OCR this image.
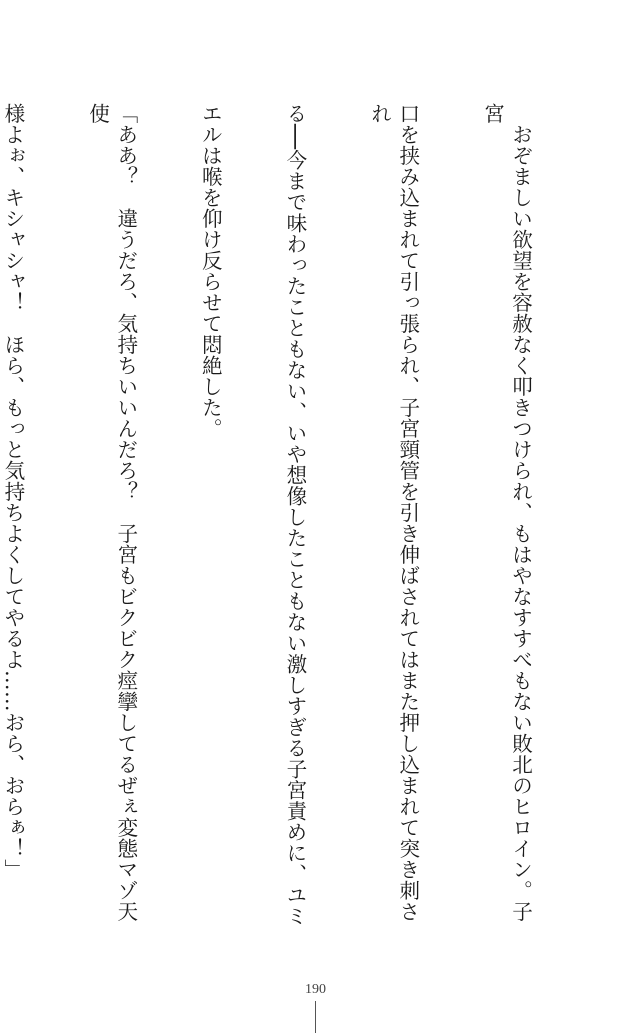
　おぞましい欲望を容赦なく叩きつけられ、もはやなすすべもない敗北のヒロイン。子宮

口を挟み込まれて引っ張られ、子宮頸管を引き伸ばされてはまた押し込まれて突き刺され

る──今まで味わったこともない、いや想像したこともない激しすぎる子宮責めに、ユミ

エルは喉を仰け反らせて悶絶した。

「ああ？　違うだろ、気持ちいいんだろ？　子宮もビクビク痙攣してるぜぇ変態マゾ天使

様よぉ、キシャシャ！　ほら、もっと気持ちよくしてやるよ……おら、おらぁ！」

190
